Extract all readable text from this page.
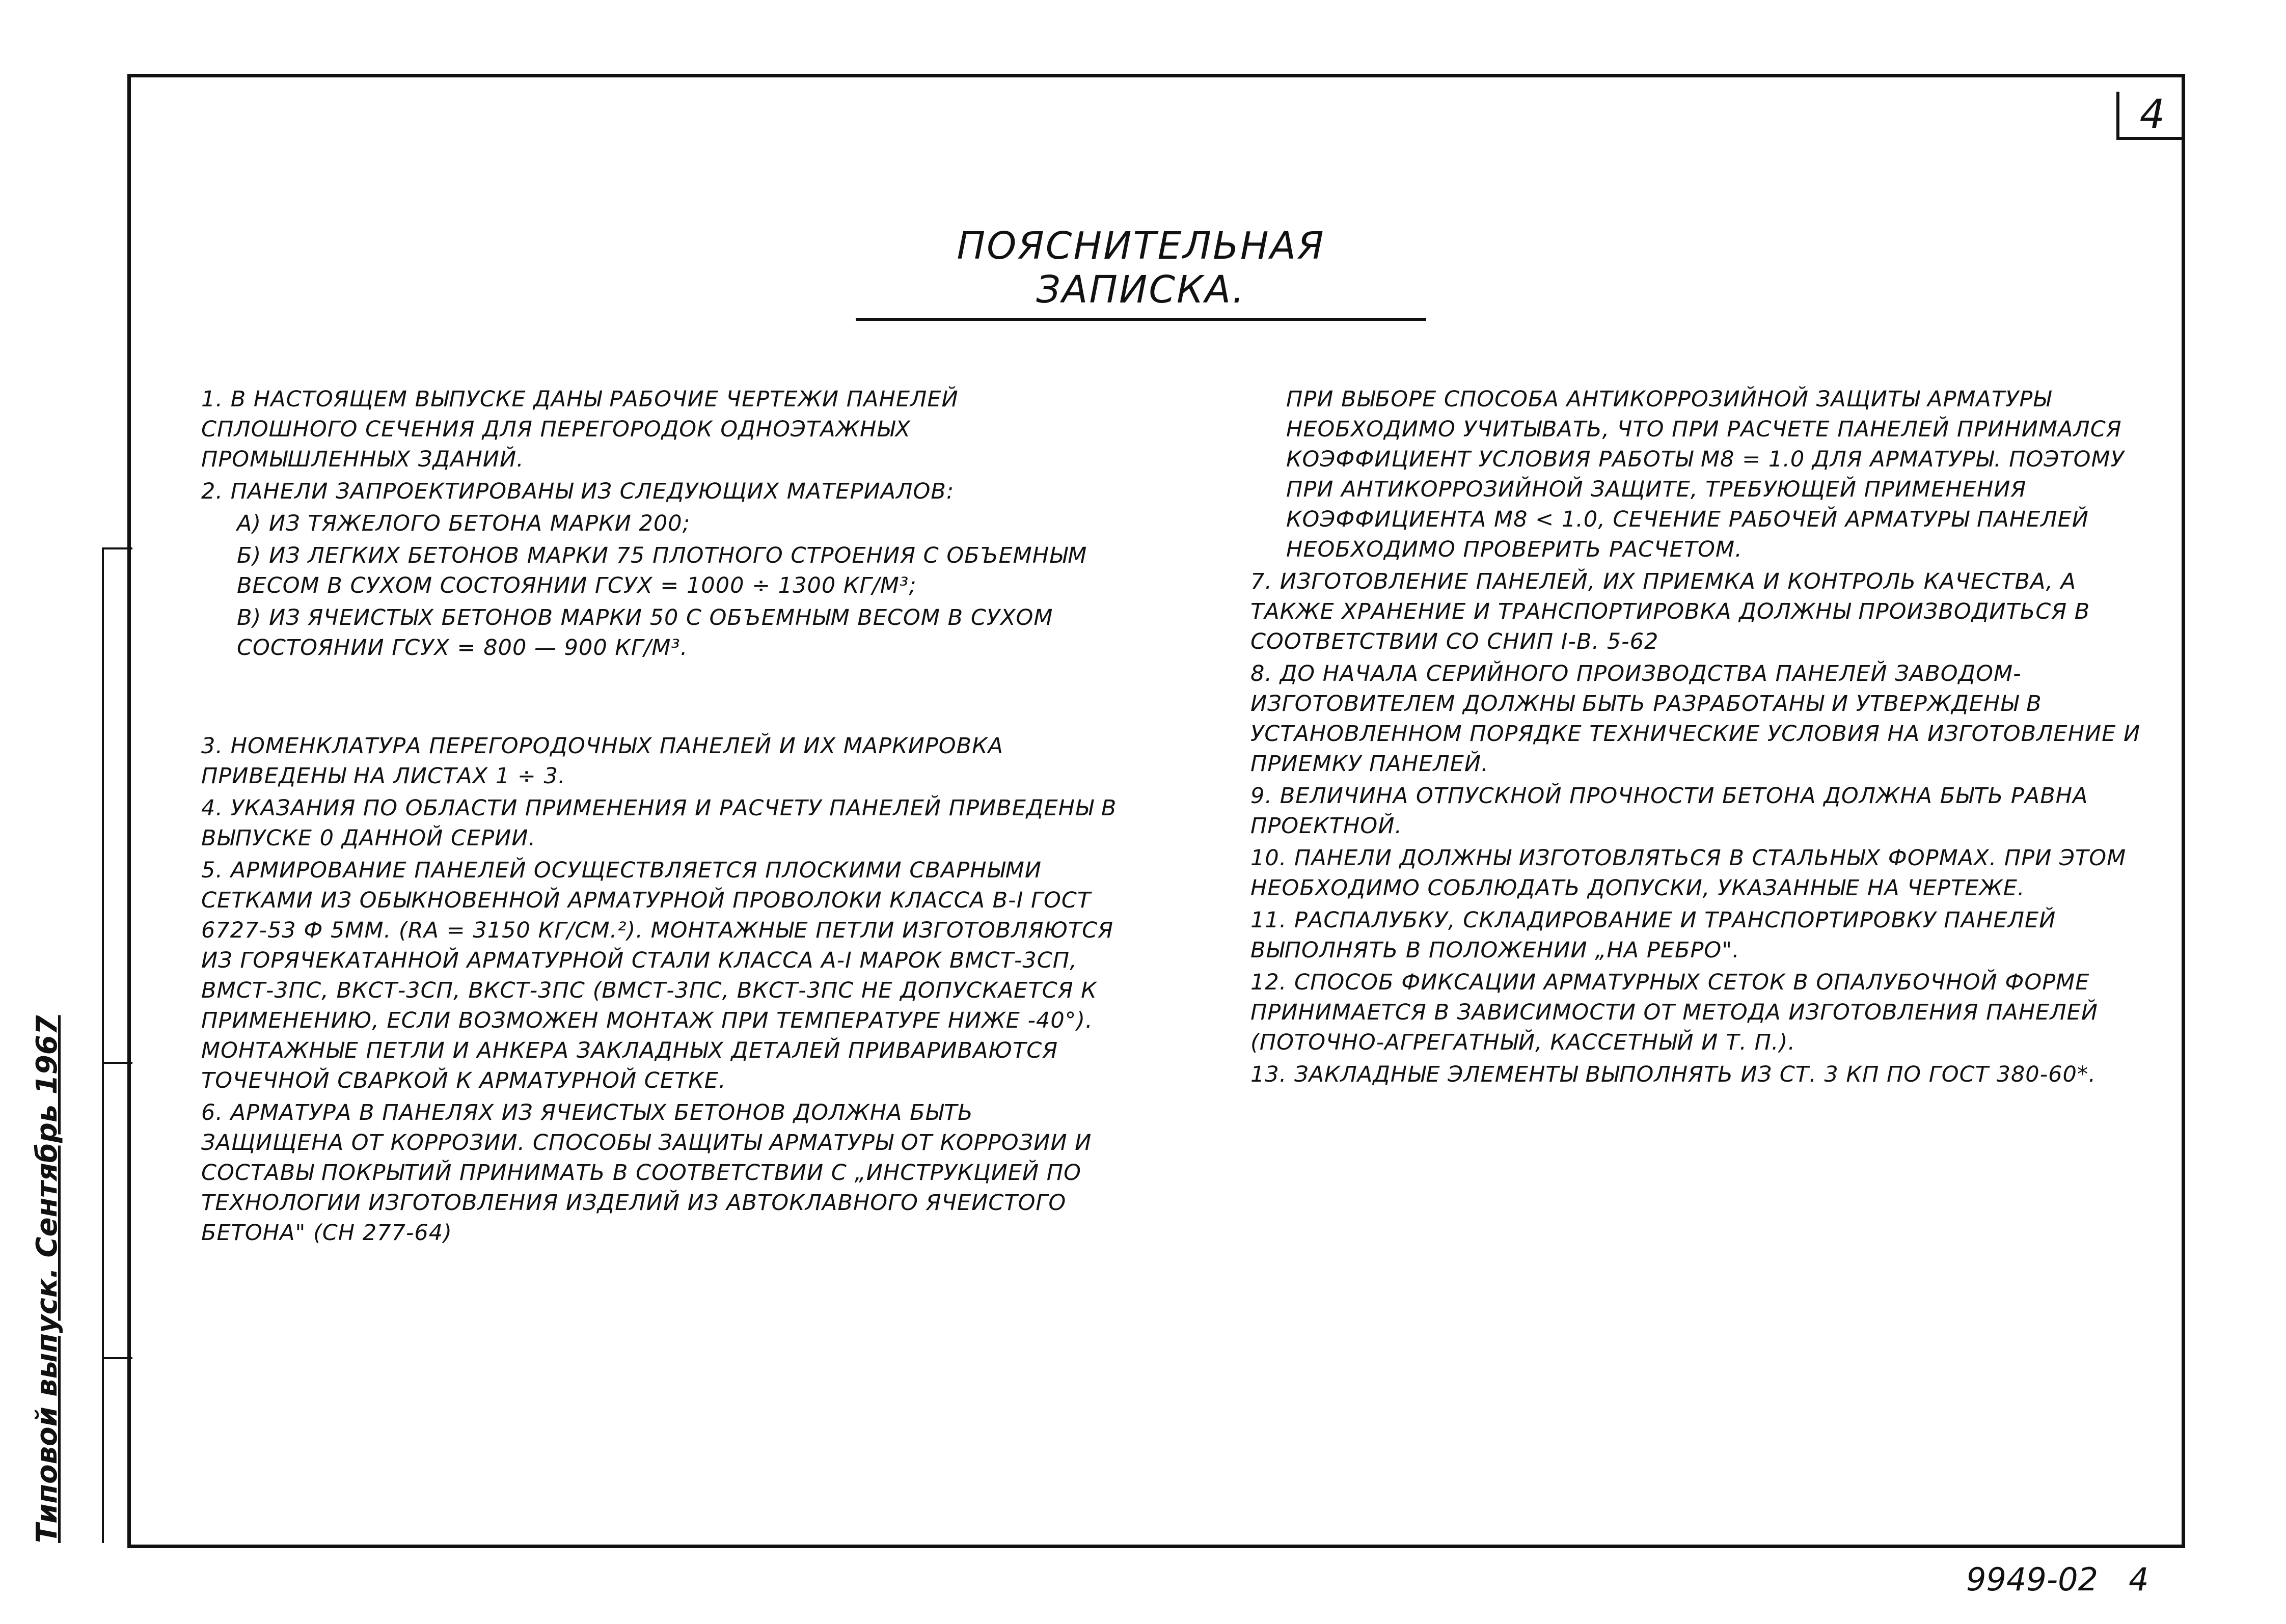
4
Типовой выпуск. Сентябрь 1967
ПОЯСНИТЕЛЬНАЯ ЗАПИСКА.

1. В НАСТОЯЩЕМ ВЫПУСКЕ ДАНЫ РАБОЧИЕ ЧЕРТЕЖИ ПАНЕЛЕЙ СПЛОШНОГО СЕЧЕНИЯ ДЛЯ ПЕРЕГОРОДОК ОДНОЭТАЖНЫХ ПРОМЫШЛЕННЫХ ЗДАНИЙ.

2. ПАНЕЛИ ЗАПРОЕКТИРОВАНЫ ИЗ СЛЕДУЮЩИХ МАТЕРИАЛОВ:

А) ИЗ ТЯЖЕЛОГО БЕТОНА МАРКИ 200;

Б) ИЗ ЛЕГКИХ БЕТОНОВ МАРКИ 75 ПЛОТНОГО СТРОЕНИЯ С ОБЪЕМНЫМ ВЕСОМ В СУХОМ СОСТОЯНИИ ΓСУХ = 1000 ÷ 1300 КГ/М³;

В) ИЗ ЯЧЕИСТЫХ БЕТОНОВ МАРКИ 50 С ОБЪЕМНЫМ ВЕСОМ В СУХОМ СОСТОЯНИИ ΓСУХ = 800 — 900 КГ/М³.

3. НОМЕНКЛАТУРА ПЕРЕГОРОДОЧНЫХ ПАНЕЛЕЙ И ИХ МАРКИРОВКА ПРИВЕДЕНЫ НА ЛИСТАХ 1 ÷ 3.

4. УКАЗАНИЯ ПО ОБЛАСТИ ПРИМЕНЕНИЯ И РАСЧЕТУ ПАНЕЛЕЙ ПРИВЕДЕНЫ В ВЫПУСКЕ 0 ДАННОЙ СЕРИИ.

5. АРМИРОВАНИЕ ПАНЕЛЕЙ ОСУЩЕСТВЛЯЕТСЯ ПЛОСКИМИ СВАРНЫМИ СЕТКАМИ ИЗ ОБЫКНОВЕННОЙ АРМАТУРНОЙ ПРОВОЛОКИ КЛАССА В-I ГОСТ 6727-53 Ф 5ММ. (RA = 3150 КГ/СМ.²). МОНТАЖНЫЕ ПЕТЛИ ИЗГОТОВЛЯЮТСЯ ИЗ ГОРЯЧЕКАТАННОЙ АРМАТУРНОЙ СТАЛИ КЛАССА А-I МАРОК ВМСТ-3СП, ВМСТ-3ПС, ВКСТ-3СП, ВКСТ-3ПС (ВМСТ-3ПС, ВКСТ-3ПС НЕ ДОПУСКАЕТСЯ К ПРИМЕНЕНИЮ, ЕСЛИ ВОЗМОЖЕН МОНТАЖ ПРИ ТЕМПЕРАТУРЕ НИЖЕ -40°). МОНТАЖНЫЕ ПЕТЛИ И АНКЕРА ЗАКЛАДНЫХ ДЕТАЛЕЙ ПРИВАРИВАЮТСЯ ТОЧЕЧНОЙ СВАРКОЙ К АРМАТУРНОЙ СЕТКЕ.

6. АРМАТУРА В ПАНЕЛЯХ ИЗ ЯЧЕИСТЫХ БЕТОНОВ ДОЛЖНА БЫТЬ ЗАЩИЩЕНА ОТ КОРРОЗИИ. СПОСОБЫ ЗАЩИТЫ АРМАТУРЫ ОТ КОРРОЗИИ И СОСТАВЫ ПОКРЫТИЙ ПРИНИМАТЬ В СООТВЕТСТВИИ С „ИНСТРУКЦИЕЙ ПО ТЕХНОЛОГИИ ИЗГОТОВЛЕНИЯ ИЗДЕЛИЙ ИЗ АВТОКЛАВНОГО ЯЧЕИСТОГО БЕТОНА" (СН 277-64)

ПРИ ВЫБОРЕ СПОСОБА АНТИКОРРОЗИЙНОЙ ЗАЩИТЫ АРМАТУРЫ НЕОБХОДИМО УЧИТЫВАТЬ, ЧТО ПРИ РАСЧЕТЕ ПАНЕЛЕЙ ПРИНИМАЛСЯ КОЭФФИЦИЕНТ УСЛОВИЯ РАБОТЫ M8 = 1.0 ДЛЯ АРМАТУРЫ. ПОЭТОМУ ПРИ АНТИКОРРОЗИЙНОЙ ЗАЩИТЕ, ТРЕБУЮЩЕЙ ПРИМЕНЕНИЯ КОЭФФИЦИЕНТА M8 < 1.0, СЕЧЕНИЕ РАБОЧЕЙ АРМАТУРЫ ПАНЕЛЕЙ НЕОБХОДИМО ПРОВЕРИТЬ РАСЧЕТОМ.

7. ИЗГОТОВЛЕНИЕ ПАНЕЛЕЙ, ИХ ПРИЕМКА И КОНТРОЛЬ КАЧЕСТВА, А ТАКЖЕ ХРАНЕНИЕ И ТРАНСПОРТИРОВКА ДОЛЖНЫ ПРОИЗВОДИТЬСЯ В СООТВЕТСТВИИ СО СНИП I-В. 5-62

8. ДО НАЧАЛА СЕРИЙНОГО ПРОИЗВОДСТВА ПАНЕЛЕЙ ЗАВОДОМ-ИЗГОТОВИТЕЛЕМ ДОЛЖНЫ БЫТЬ РАЗРАБОТАНЫ И УТВЕРЖДЕНЫ В УСТАНОВЛЕННОМ ПОРЯДКЕ ТЕХНИЧЕСКИЕ УСЛОВИЯ НА ИЗГОТОВЛЕНИЕ И ПРИЕМКУ ПАНЕЛЕЙ.

9. ВЕЛИЧИНА ОТПУСКНОЙ ПРОЧНОСТИ БЕТОНА ДОЛЖНА БЫТЬ РАВНА ПРОЕКТНОЙ.

10. ПАНЕЛИ ДОЛЖНЫ ИЗГОТОВЛЯТЬСЯ В СТАЛЬНЫХ ФОРМАХ. ПРИ ЭТОМ НЕОБХОДИМО СОБЛЮДАТЬ ДОПУСКИ, УКАЗАННЫЕ НА ЧЕРТЕЖЕ.

11. РАСПАЛУБКУ, СКЛАДИРОВАНИЕ И ТРАНСПОРТИРОВКУ ПАНЕЛЕЙ ВЫПОЛНЯТЬ В ПОЛОЖЕНИИ „НА РЕБРО".

12. СПОСОБ ФИКСАЦИИ АРМАТУРНЫХ СЕТОК В ОПАЛУБОЧНОЙ ФОРМЕ ПРИНИМАЕТСЯ В ЗАВИСИМОСТИ ОТ МЕТОДА ИЗГОТОВЛЕНИЯ ПАНЕЛЕЙ (ПОТОЧНО-АГРЕГАТНЫЙ, КАССЕТНЫЙ И Т. П.).

13. ЗАКЛАДНЫЕ ЭЛЕМЕНТЫ ВЫПОЛНЯТЬ ИЗ СТ. 3 КП ПО ГОСТ 380-60*.

9949-02 4
